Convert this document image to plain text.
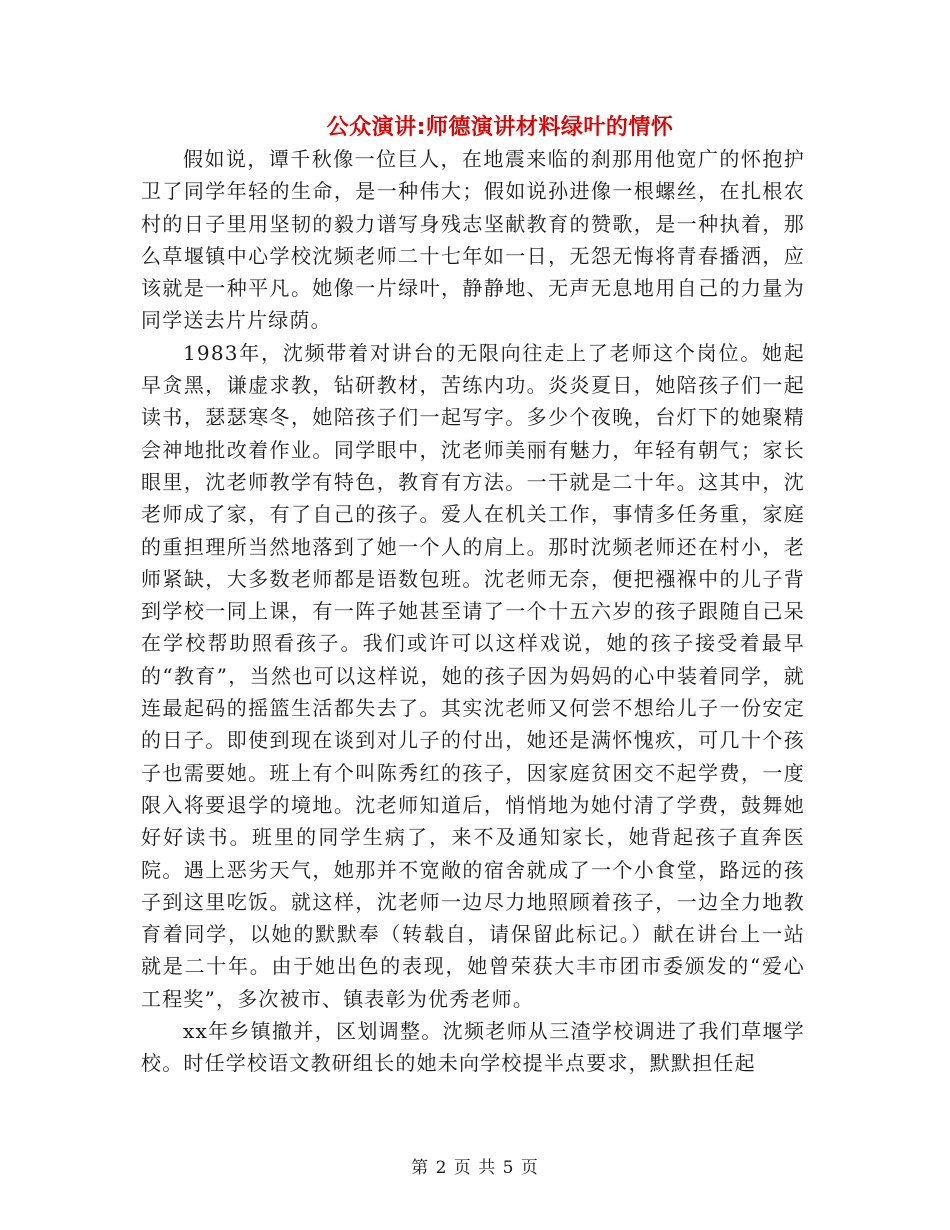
公众演讲:师德演讲材料绿叶的情怀

假如说，谭千秋像一位巨人，在地震来临的刹那用他宽广的怀抱护卫了同学年轻的生命，是一种伟大；假如说孙进像一根螺丝，在扎根农村的日子里用坚韧的毅力谱写身残志坚献教育的赞歌，是一种执着，那么草堰镇中心学校沈频老师二十七年如一日，无怨无悔将青春播洒，应该就是一种平凡。她像一片绿叶，静静地、无声无息地用自己的力量为同学送去片片绿荫。

1983年，沈频带着对讲台的无限向往走上了老师这个岗位。她起早贪黑，谦虚求教，钻研教材，苦练内功。炎炎夏日，她陪孩子们一起读书，瑟瑟寒冬，她陪孩子们一起写字。多少个夜晚，台灯下的她聚精会神地批改着作业。同学眼中，沈老师美丽有魅力，年轻有朝气；家长眼里，沈老师教学有特色，教育有方法。一干就是二十年。这其中，沈老师成了家，有了自己的孩子。爱人在机关工作，事情多任务重，家庭的重担理所当然地落到了她一个人的肩上。那时沈频老师还在村小，老师紧缺，大多数老师都是语数包班。沈老师无奈，便把襁褓中的儿子背到学校一同上课，有一阵子她甚至请了一个十五六岁的孩子跟随自己呆在学校帮助照看孩子。我们或许可以这样戏说，她的孩子接受着最早的“教育”，当然也可以这样说，她的孩子因为妈妈的心中装着同学，就连最起码的摇篮生活都失去了。其实沈老师又何尝不想给儿子一份安定的日子。即使到现在谈到对儿子的付出，她还是满怀愧疚，可几十个孩子也需要她。班上有个叫陈秀红的孩子，因家庭贫困交不起学费，一度限入将要退学的境地。沈老师知道后，悄悄地为她付清了学费，鼓舞她好好读书。班里的同学生病了，来不及通知家长，她背起孩子直奔医院。遇上恶劣天气，她那并不宽敞的宿舍就成了一个小食堂，路远的孩子到这里吃饭。就这样，沈老师一边尽力地照顾着孩子，一边全力地教育着同学，以她的默默奉（转载自，请保留此标记。）献在讲台上一站就是二十年。由于她出色的表现，她曾荣获大丰市团市委颁发的“爱心工程奖”，多次被市、镇表彰为优秀老师。

xx年乡镇撤并，区划调整。沈频老师从三渣学校调进了我们草堰学校。时任学校语文教研组长的她未向学校提半点要求，默默担任起

第 2 页 共 5 页
